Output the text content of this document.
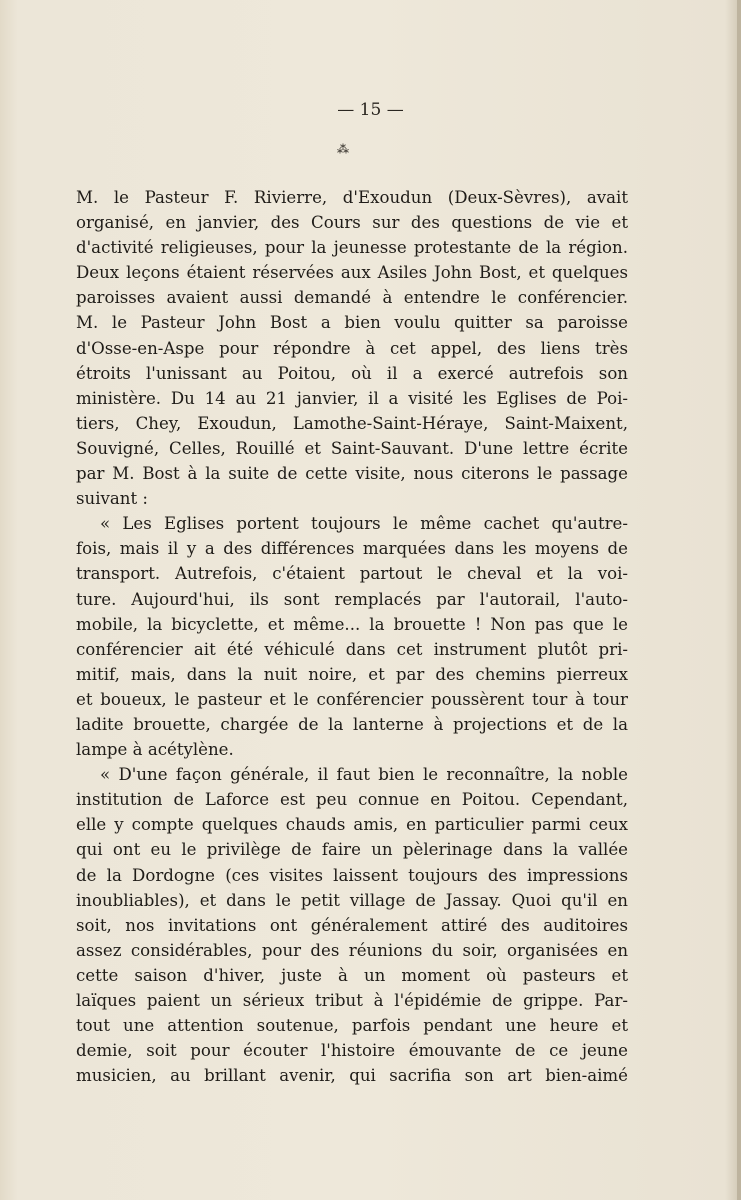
— 15 —
⁂
M. le Pasteur F. Rivierre, d'Exoudun (Deux-Sèvres), avait
organisé, en janvier, des Cours sur des questions de vie et
d'activité religieuses, pour la jeunesse protestante de la région.
Deux leçons étaient réservées aux Asiles John Bost, et quelques
paroisses avaient aussi demandé à entendre le conférencier.
M. le Pasteur John Bost a bien voulu quitter sa paroisse
d'Osse-en-Aspe pour répondre à cet appel, des liens très
étroits l'unissant au Poitou, où il a exercé autrefois son
ministère. Du 14 au 21 janvier, il a visité les Eglises de Poi-
tiers, Chey, Exoudun, Lamothe-Saint-Héraye, Saint-Maixent,
Souvigné, Celles, Rouillé et Saint-Sauvant. D'une lettre écrite
par M. Bost à la suite de cette visite, nous citerons le passage
suivant :
« Les Eglises portent toujours le même cachet qu'autre-
fois, mais il y a des différences marquées dans les moyens de
transport. Autrefois, c'étaient partout le cheval et la voi-
ture. Aujourd'hui, ils sont remplacés par l'autorail, l'auto-
mobile, la bicyclette, et même... la brouette ! Non pas que le
conférencier ait été véhiculé dans cet instrument plutôt pri-
mitif, mais, dans la nuit noire, et par des chemins pierreux
et boueux, le pasteur et le conférencier poussèrent tour à tour
ladite brouette, chargée de la lanterne à projections et de la
lampe à acétylène.
« D'une façon générale, il faut bien le reconnaître, la noble
institution de Laforce est peu connue en Poitou. Cependant,
elle y compte quelques chauds amis, en particulier parmi ceux
qui ont eu le privilège de faire un pèlerinage dans la vallée
de la Dordogne (ces visites laissent toujours des impressions
inoubliables), et dans le petit village de Jassay. Quoi qu'il en
soit, nos invitations ont généralement attiré des auditoires
assez considérables, pour des réunions du soir, organisées en
cette saison d'hiver, juste à un moment où pasteurs et
laïques paient un sérieux tribut à l'épidémie de grippe. Par-
tout une attention soutenue, parfois pendant une heure et
demie, soit pour écouter l'histoire émouvante de ce jeune
musicien, au brillant avenir, qui sacrifia son art bien-aimé
